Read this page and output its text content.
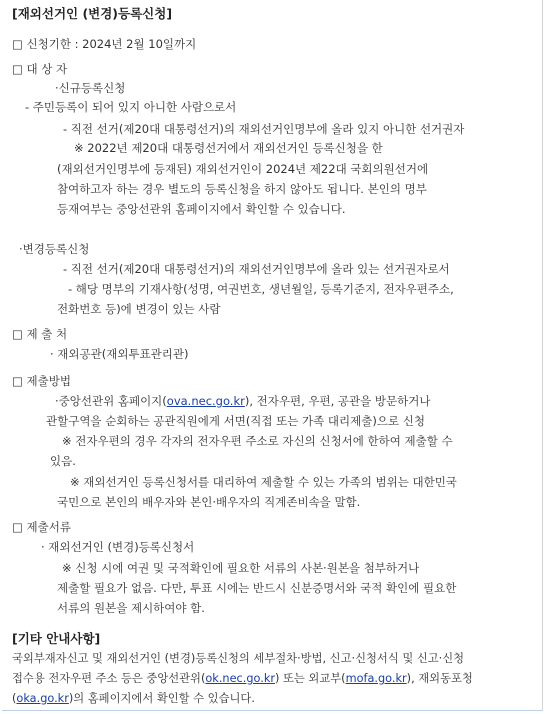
[재외선거인 (변경)등록신청]
□ 신청기한 : 2024년 2월 10일까지
□ 대 상 자
·신규등록신청
- 주민등록이 되어 있지 아니한 사람으로서
- 직전 선거(제20대 대통령선거)의 재외선거인명부에 올라 있지 아니한 선거권자
※ 2022년 제20대 대통령선거에서 재외선거인 등록신청을 한
(재외선거인명부에 등재된) 재외선거인이 2024년 제22대 국회의원선거에
참여하고자 하는 경우 별도의 등록신청을 하지 않아도 됩니다. 본인의 명부
등재여부는 중앙선관위 홈페이지에서 확인할 수 있습니다.
·변경등록신청
- 직전 선거(제20대 대통령선거)의 재외선거인명부에 올라 있는 선거권자로서
- 해당 명부의 기재사항(성명, 여권번호, 생년월일, 등록기준지, 전자우편주소,
전화번호 등)에 변경이 있는 사람
□ 제 출 처
· 재외공관(재외투표관리관)
□ 제출방법
·중앙선관위 홈페이지(ova.nec.go.kr), 전자우편, 우편, 공관을 방문하거나
관할구역을 순회하는 공관직원에게 서면(직접 또는 가족 대리제출)으로 신청
※ 전자우편의 경우 각자의 전자우편 주소로 자신의 신청서에 한하여 제출할 수
있음.
※ 재외선거인 등록신청서를 대리하여 제출할 수 있는 가족의 범위는 대한민국
국민으로 본인의 배우자와 본인·배우자의 직계존비속을 말함.
□ 제출서류
· 재외선거인 (변경)등록신청서
※ 신청 시에 여권 및 국적확인에 필요한 서류의 사본·원본을 첨부하거나
제출할 필요가 없음. 다만, 투표 시에는 반드시 신분증명서와 국적 확인에 필요한
서류의 원본을 제시하여야 함.
[기타 안내사항]
국외부재자신고 및 재외선거인 (변경)등록신청의 세부절차·방법, 신고·신청서식 및 신고·신청
접수용 전자우편 주소 등은 중앙선관위(ok.nec.go.kr) 또는 외교부(mofa.go.kr), 재외동포청
(oka.go.kr)의 홈페이지에서 확인할 수 있습니다.
